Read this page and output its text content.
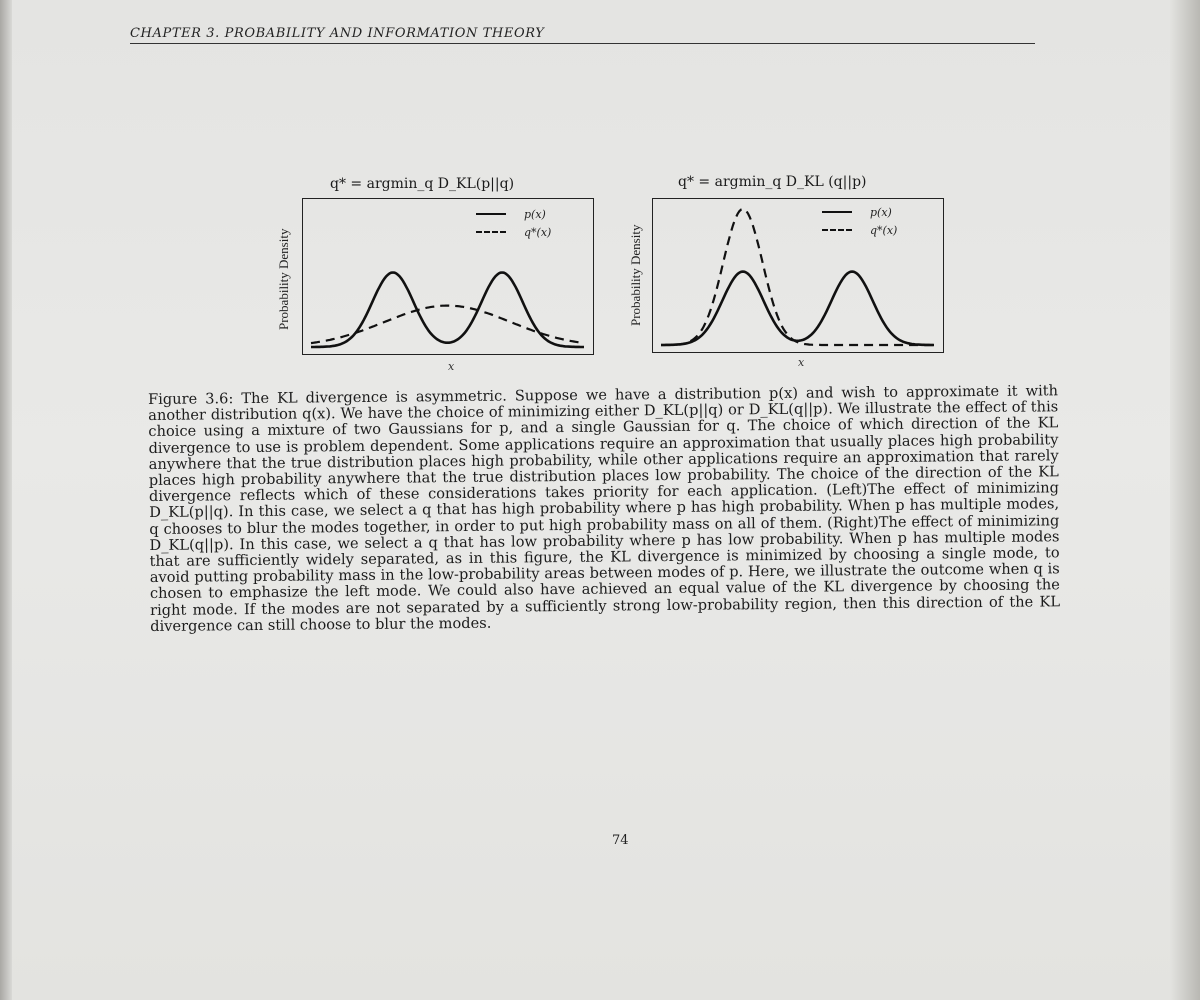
CHAPTER 3. PROBABILITY AND INFORMATION THEORY
q* = argmin_q D_KL(p||q)
Probability Density
x
p(x)
q*(x)
q* = argmin_q D_KL (q||p)
Probability Density
x
p(x)
q*(x)
Figure 3.6: The KL divergence is asymmetric. Suppose we have a distribution p(x) and wish to approximate it with another distribution q(x). We have the choice of minimizing either D_KL(p||q) or D_KL(q||p). We illustrate the effect of this choice using a mixture of two Gaussians for p, and a single Gaussian for q. The choice of which direction of the KL divergence to use is problem dependent. Some applications require an approximation that usually places high probability anywhere that the true distribution places high probability, while other applications require an approximation that rarely places high probability anywhere that the true distribution places low probability. The choice of the direction of the KL divergence reflects which of these considerations takes priority for each application. (Left)The effect of minimizing D_KL(p||q). In this case, we select a q that has high probability where p has high probability. When p has multiple modes, q chooses to blur the modes together, in order to put high probability mass on all of them. (Right)The effect of minimizing D_KL(q||p). In this case, we select a q that has low probability where p has low probability. When p has multiple modes that are sufficiently widely separated, as in this figure, the KL divergence is minimized by choosing a single mode, to avoid putting probability mass in the low-probability areas between modes of p. Here, we illustrate the outcome when q is chosen to emphasize the left mode. We could also have achieved an equal value of the KL divergence by choosing the right mode. If the modes are not separated by a sufficiently strong low-probability region, then this direction of the KL divergence can still choose to blur the modes.
74
